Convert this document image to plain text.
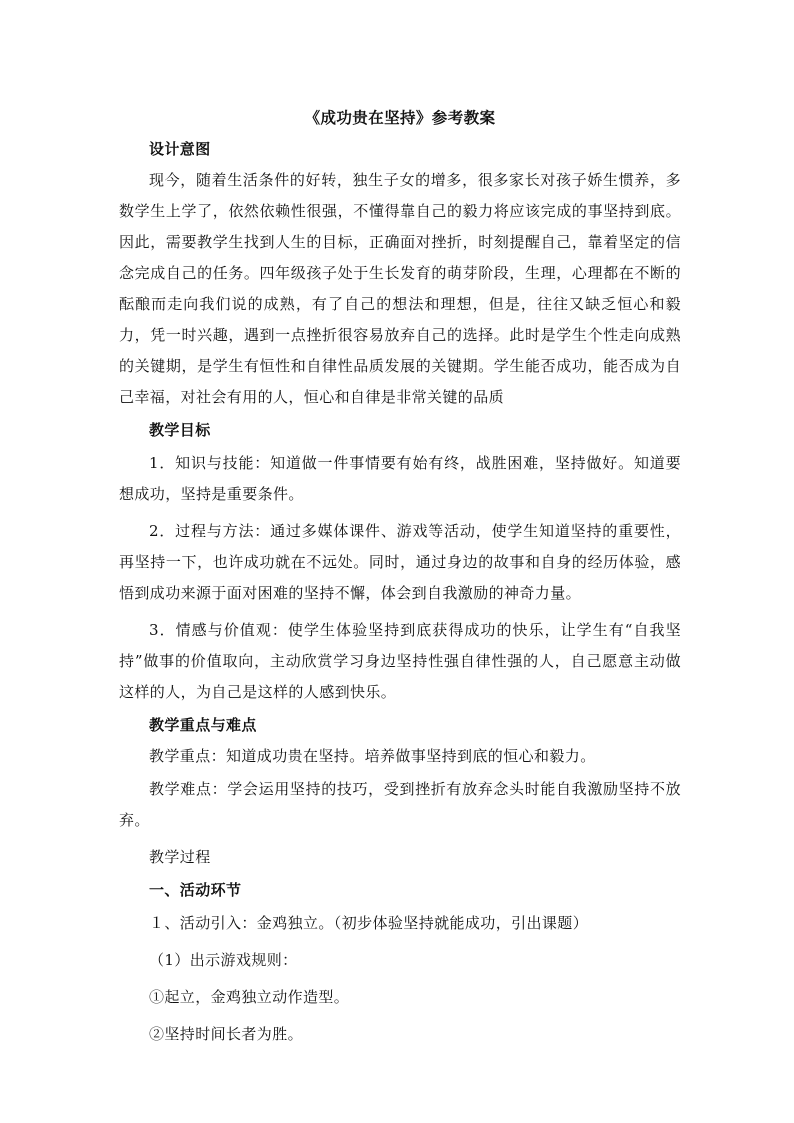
《成功贵在坚持》参考教案
设计意图

现今，随着生活条件的好转，独生子女的增多，很多家长对孩子娇生惯养，多数学生上学了，依然依赖性很强，不懂得靠自己的毅力将应该完成的事坚持到底。因此，需要教学生找到人生的目标，正确面对挫折，时刻提醒自己，靠着坚定的信念完成自己的任务。四年级孩子处于生长发育的萌芽阶段，生理，心理都在不断的酝酿而走向我们说的成熟，有了自己的想法和理想，但是，往往又缺乏恒心和毅力，凭一时兴趣，遇到一点挫折很容易放弃自己的选择。此时是学生个性走向成熟的关键期，是学生有恒性和自律性品质发展的关键期。学生能否成功，能否成为自己幸福，对社会有用的人，恒心和自律是非常关键的品质

教学目标

1．知识与技能：知道做一件事情要有始有终，战胜困难，坚持做好。知道要想成功，坚持是重要条件。

2．过程与方法：通过多媒体课件、游戏等活动，使学生知道坚持的重要性，再坚持一下，也许成功就在不远处。同时，通过身边的故事和自身的经历体验，感悟到成功来源于面对困难的坚持不懈，体会到自我激励的神奇力量。

3．情感与价值观：使学生体验坚持到底获得成功的快乐，让学生有“自我坚持”做事的价值取向，主动欣赏学习身边坚持性强自律性强的人，自己愿意主动做这样的人，为自己是这样的人感到快乐。

教学重点与难点

教学重点：知道成功贵在坚持。培养做事坚持到底的恒心和毅力。

教学难点：学会运用坚持的技巧，受到挫折有放弃念头时能自我激励坚持不放弃。

教学过程

一、活动环节

１、活动引入：金鸡独立。（初步体验坚持就能成功，引出课题）

（1）出示游戏规则：

①起立，金鸡独立动作造型。

②坚持时间长者为胜。
